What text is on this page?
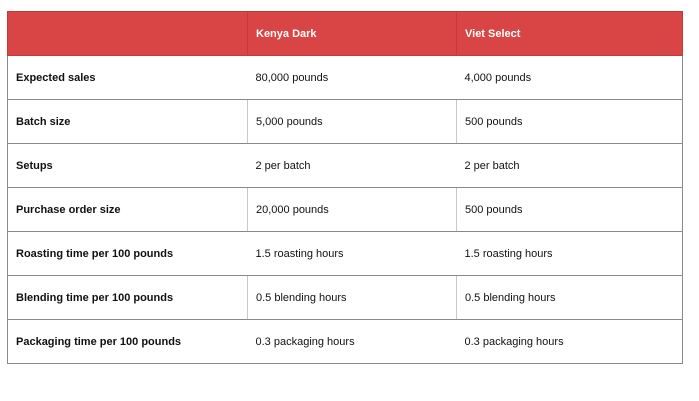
	Kenya Dark	Viet Select
Expected sales	80,000 pounds	4,000 pounds
Batch size	5,000 pounds	500 pounds
Setups	2 per batch	2 per batch
Purchase order size	20,000 pounds	500 pounds
Roasting time per 100 pounds	1.5 roasting hours	1.5 roasting hours
Blending time per 100 pounds	0.5 blending hours	0.5 blending hours
Packaging time per 100 pounds	0.3 packaging hours	0.3 packaging hours
